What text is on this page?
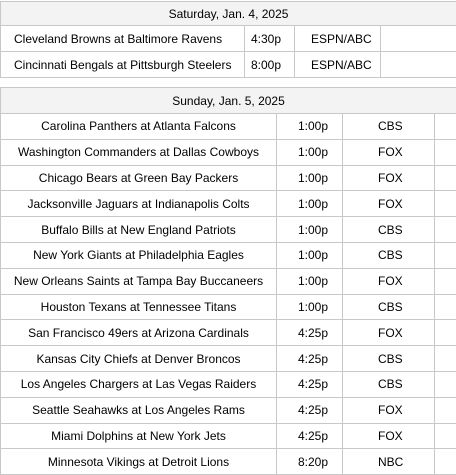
Saturday, Jan. 4, 2025			
Cleveland Browns at Baltimore Ravens	4:30p	ESPN/ABC	
Cincinnati Bengals at Pittsburgh Steelers	8:00p	ESPN/ABC	
Sunday, Jan. 5, 2025			
Carolina Panthers at Atlanta Falcons	1:00p	CBS	
Washington Commanders at Dallas Cowboys	1:00p	FOX	
Chicago Bears at Green Bay Packers	1:00p	FOX	
Jacksonville Jaguars at Indianapolis Colts	1:00p	FOX	
Buffalo Bills at New England Patriots	1:00p	CBS	
New York Giants at Philadelphia Eagles	1:00p	CBS	
New Orleans Saints at Tampa Bay Buccaneers	1:00p	FOX	
Houston Texans at Tennessee Titans	1:00p	CBS	
San Francisco 49ers at Arizona Cardinals	4:25p	FOX	
Kansas City Chiefs at Denver Broncos	4:25p	CBS	
Los Angeles Chargers at Las Vegas Raiders	4:25p	CBS	
Seattle Seahawks at Los Angeles Rams	4:25p	FOX	
Miami Dolphins at New York Jets	4:25p	FOX	
Minnesota Vikings at Detroit Lions	8:20p	NBC	
